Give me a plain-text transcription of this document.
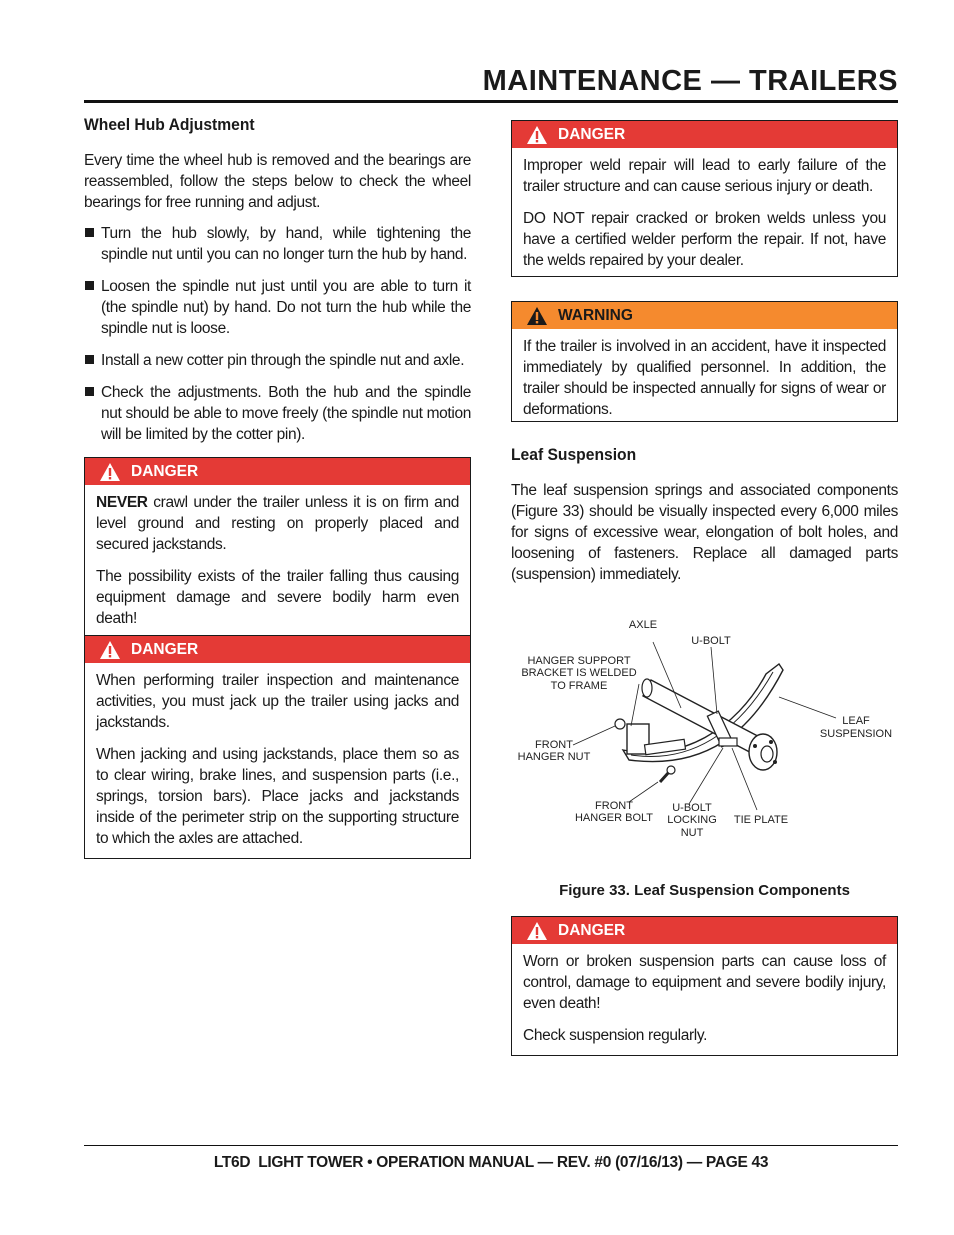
MAINTENANCE — TRAILERS
Wheel Hub Adjustment

Every time the wheel hub is removed and the bearings are reassembled, follow the steps below to check the wheel bearings for free running and adjust.

Turn the hub slowly, by hand, while tightening the spindle nut until you can no longer turn the hub by hand.
Loosen the spindle nut just until you are able to turn it (the spindle nut) by hand. Do not turn the hub while the spindle nut is loose.
Install a new cotter pin through the spindle nut and axle.
Check the adjustments. Both the hub and the spindle nut should be able to move freely (the spindle nut motion will be limited by the cotter pin).
DANGER

NEVER crawl under the trailer unless it is on firm and level ground and resting on properly placed and secured jackstands.

The possibility exists of the trailer falling thus causing equipment damage and severe bodily harm even death!

DANGER

When performing trailer inspection and maintenance activities, you must jack up the trailer using jacks and jackstands.

When jacking and using jackstands, place them so as to clear wiring, brake lines, and suspension parts (i.e., springs, torsion bars). Place jacks and jackstands inside of the perimeter strip on the supporting structure to which the axles are attached.

DANGER

Improper weld repair will lead to early failure of the trailer structure and can cause serious injury or death.

DO NOT repair cracked or broken welds unless you have a certified welder perform the repair. If not, have the welds repaired by your dealer.

WARNING

If the trailer is involved in an accident, have it inspected immediately by qualified personnel. In addition, the trailer should be inspected annually for signs of wear or deformations.

Leaf Suspension

The leaf suspension springs and associated components (Figure 33) should be visually inspected every 6,000 miles for signs of excessive wear, elongation of bolt holes, and loosening of fasteners. Replace all damaged parts (suspension) immediately.

AXLE
U-BOLT
HANGER SUPPORT
BRACKET IS WELDED
TO FRAME
LEAF
SUSPENSION
FRONT
HANGER NUT
FRONT
HANGER BOLT
U-BOLT
LOCKING
NUT
TIE PLATE
Figure 33. Leaf Suspension Components
DANGER

Worn or broken suspension parts can cause loss of control, damage to equipment and severe bodily injury, even death!

Check suspension regularly.

LT6D  LIGHT TOWER • OPERATION MANUAL — REV. #0 (07/16/13) — PAGE 43
